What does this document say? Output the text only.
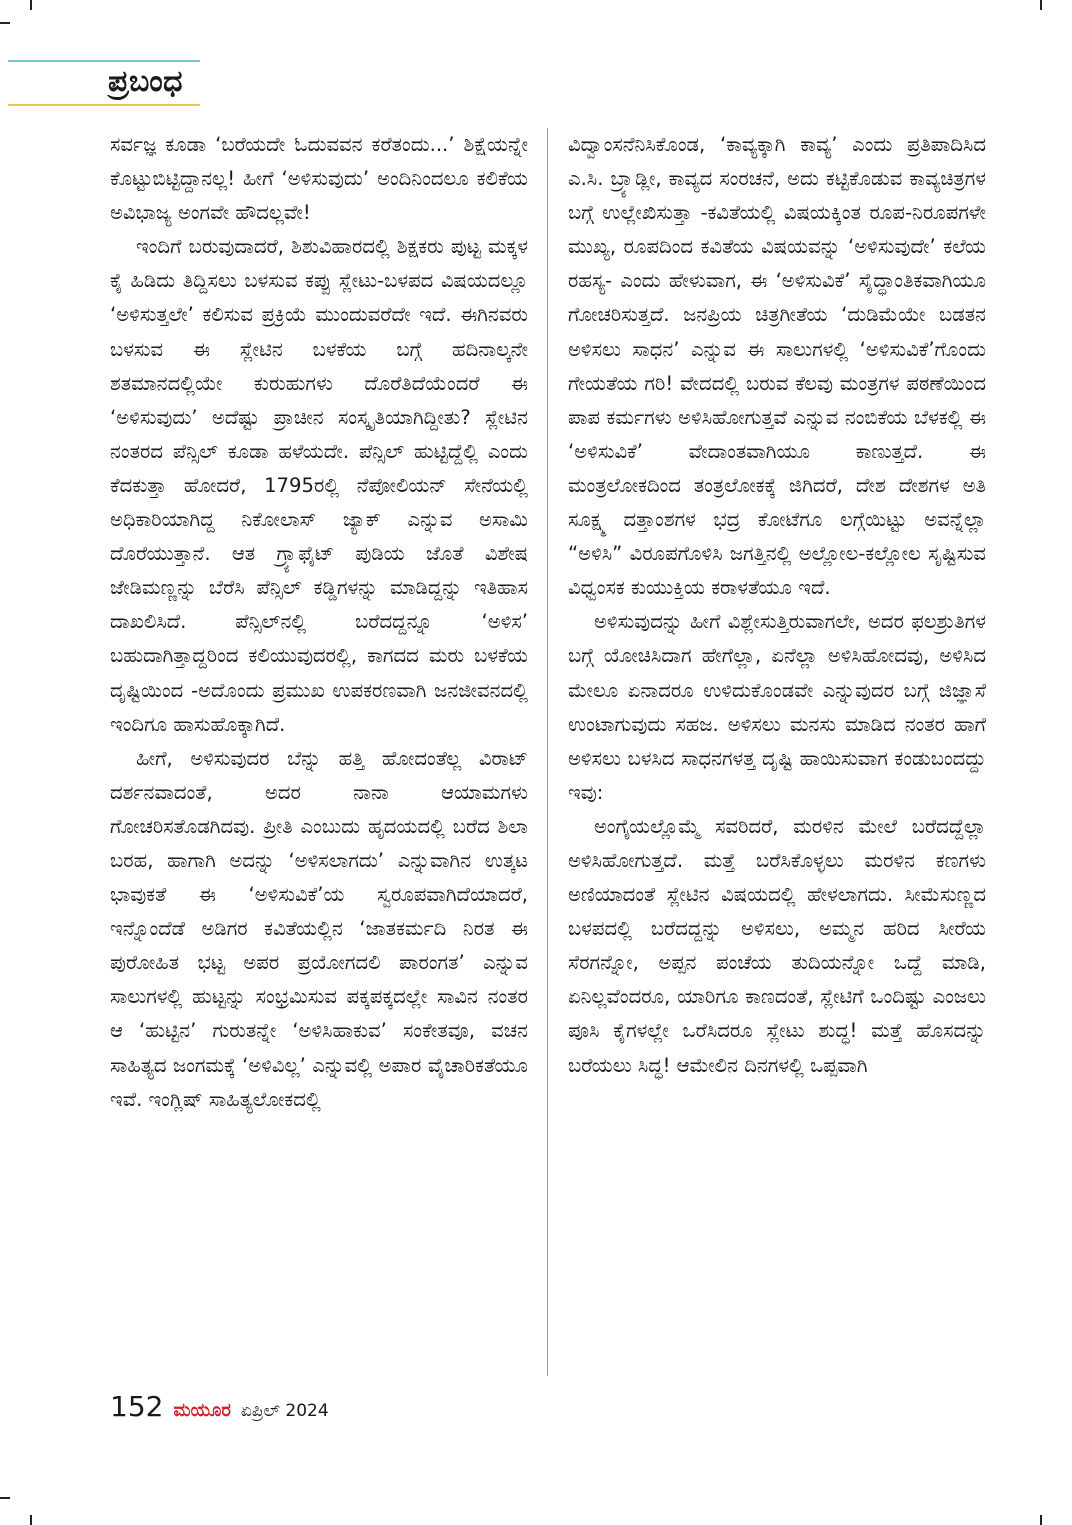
ಪ್ರಬಂಧ

ಸರ್ವಜ್ಞ ಕೂಡಾ ‘ಬರೆಯದೇ ಓದುವವನ ಕರೆತಂದು...’ ಶಿಕ್ಷೆಯನ್ನೇ ಕೊಟ್ಟುಬಿಟ್ಟಿದ್ದಾನಲ್ಲ! ಹೀಗೆ ‘ಅಳಿಸುವುದು’ ಅಂದಿನಿಂದಲೂ ಕಲಿಕೆಯ ಅವಿಭಾಜ್ಯ ಅಂಗವೇ ಹೌದಲ್ಲವೇ!

ಇಂದಿಗೆ ಬರುವುದಾದರೆ, ಶಿಶುವಿಹಾರದಲ್ಲಿ ಶಿಕ್ಷಕರು ಪುಟ್ಟ ಮಕ್ಕಳ ಕೈ ಹಿಡಿದು ತಿದ್ದಿಸಲು ಬಳಸುವ ಕಪ್ಪು ಸ್ಲೇಟು-ಬಳಪದ ವಿಷಯದಲ್ಲೂ ‘ಅಳಿಸುತ್ತಲೇ’ ಕಲಿಸುವ ಪ್ರಕ್ರಿಯೆ ಮುಂದುವರೆದೇ ಇದೆ. ಈಗಿನವರು ಬಳಸುವ ಈ ಸ್ಲೇಟಿನ ಬಳಕೆಯ ಬಗ್ಗೆ ಹದಿನಾಲ್ಕನೇ ಶತಮಾನದಲ್ಲಿಯೇ ಕುರುಹುಗಳು ದೊರೆತಿದೆಯೆಂದರೆ ಈ ‘ಅಳಿಸುವುದು’ ಅದೆಷ್ಟು ಪ್ರಾಚೀನ ಸಂಸ್ಕೃತಿಯಾಗಿದ್ದೀತು? ಸ್ಲೇಟಿನ ನಂತರದ ಪೆನ್ಸಿಲ್ ಕೂಡಾ ಹಳೆಯದೇ. ಪೆನ್ಸಿಲ್ ಹುಟ್ಟಿದ್ದೆಲ್ಲಿ ಎಂದು ಕೆದಕುತ್ತಾ ಹೋದರೆ, 1795ರಲ್ಲಿ ನೆಪೋಲಿಯನ್ ಸೇನೆಯಲ್ಲಿ ಅಧಿಕಾರಿಯಾಗಿದ್ದ ನಿಕೋಲಾಸ್ ಜ್ಯಾಕ್ ಎನ್ನುವ ಅಸಾಮಿ ದೊರೆಯುತ್ತಾನೆ. ಆತ ಗ್ರ್ಯಾಫೈಟ್ ಪುಡಿಯ ಜೊತೆ ವಿಶೇಷ ಜೇಡಿಮಣ್ಣನ್ನು ಬೆರೆಸಿ ಪೆನ್ಸಿಲ್ ಕಡ್ಡಿಗಳನ್ನು ಮಾಡಿದ್ದನ್ನು ಇತಿಹಾಸ ದಾಖಲಿಸಿದೆ. ಪೆನ್ಸಿಲ್‌ನಲ್ಲಿ ಬರೆದದ್ದನ್ನೂ ‘ಅಳಿಸ’ ಬಹುದಾಗಿತ್ತಾದ್ದರಿಂದ ಕಲಿಯುವುದರಲ್ಲಿ, ಕಾಗದದ ಮರು ಬಳಕೆಯ ದೃಷ್ಟಿಯಿಂದ -ಅದೊಂದು ಪ್ರಮುಖ ಉಪಕರಣವಾಗಿ ಜನಜೀವನದಲ್ಲಿ ಇಂದಿಗೂ ಹಾಸುಹೊಕ್ಕಾಗಿದೆ.

ಹೀಗೆ, ಅಳಿಸುವುದರ ಬೆನ್ನು ಹತ್ತಿ ಹೋದಂತೆಲ್ಲ ವಿರಾಟ್ ದರ್ಶನವಾದಂತೆ, ಅದರ ನಾನಾ ಆಯಾಮಗಳು ಗೋಚರಿಸತೊಡಗಿದವು. ಪ್ರೀತಿ ಎಂಬುದು ಹೃದಯದಲ್ಲಿ ಬರೆದ ಶಿಲಾ ಬರಹ, ಹಾಗಾಗಿ ಅದನ್ನು ‘ಅಳಿಸಲಾಗದು’ ಎನ್ನುವಾಗಿನ ಉತ್ಕಟ ಭಾವುಕತೆ ಈ ‘ಅಳಿಸುವಿಕೆ’ಯ ಸ್ವರೂಪವಾಗಿದೆಯಾದರೆ, ಇನ್ನೊಂದೆಡೆ ಅಡಿಗರ ಕವಿತೆಯಲ್ಲಿನ ‘ಜಾತಕರ್ಮದಿ ನಿರತ ಈ ಪುರೋಹಿತ ಭಟ್ಟ ಅಪರ ಪ್ರಯೋಗದಲಿ ಪಾರಂಗತ’ ಎನ್ನುವ ಸಾಲುಗಳಲ್ಲಿ ಹುಟ್ಟನ್ನು ಸಂಭ್ರಮಿಸುವ ಪಕ್ಕಪಕ್ಕದಲ್ಲೇ ಸಾವಿನ ನಂತರ ಆ ‘ಹುಟ್ಟಿನ’ ಗುರುತನ್ನೇ ‘ಅಳಿಸಿಹಾಕುವ’ ಸಂಕೇತವೂ, ವಚನ ಸಾಹಿತ್ಯದ ಜಂಗಮಕ್ಕೆ ‘ಅಳಿವಿಲ್ಲ’ ಎನ್ನುವಲ್ಲಿ ಅಪಾರ ವೈಚಾರಿಕತೆಯೂ ಇವೆ. ಇಂಗ್ಲಿಷ್ ಸಾಹಿತ್ಯಲೋಕದಲ್ಲಿ

ವಿದ್ವಾಂಸನೆನಿಸಿಕೊಂಡ, ‘ಕಾವ್ಯಕ್ಕಾಗಿ ಕಾವ್ಯ’ ಎಂದು ಪ್ರತಿಪಾದಿಸಿದ ಎ.ಸಿ. ಬ್ರ್ಯಾಡ್ಲೀ, ಕಾವ್ಯದ ಸಂರಚನೆ, ಅದು ಕಟ್ಟಿಕೊಡುವ ಕಾವ್ಯಚಿತ್ರಗಳ ಬಗ್ಗೆ ಉಲ್ಲೇಖಿಸುತ್ತಾ -ಕವಿತೆಯಲ್ಲಿ ವಿಷಯಕ್ಕಿಂತ ರೂಪ-ನಿರೂಪಗಳೇ ಮುಖ್ಯ, ರೂಪದಿಂದ ಕವಿತೆಯ ವಿಷಯವನ್ನು ‘ಅಳಿಸುವುದೇ’ ಕಲೆಯ ರಹಸ್ಯ- ಎಂದು ಹೇಳುವಾಗ, ಈ ‘ಅಳಿಸುವಿಕೆ’ ಸೈದ್ಧಾಂತಿಕವಾಗಿಯೂ ಗೋಚರಿಸುತ್ತದೆ. ಜನಪ್ರಿಯ ಚಿತ್ರಗೀತೆಯ ‘ದುಡಿಮೆಯೇ ಬಡತನ ಅಳಿಸಲು ಸಾಧನ’ ಎನ್ನುವ ಈ ಸಾಲುಗಳಲ್ಲಿ ‘ಅಳಿಸುವಿಕೆ’ಗೊಂದು ಗೇಯತೆಯ ಗರಿ! ವೇದದಲ್ಲಿ ಬರುವ ಕೆಲವು ಮಂತ್ರಗಳ ಪಠಣೆಯಿಂದ ಪಾಪ ಕರ್ಮಗಳು ಅಳಿಸಿಹೋಗುತ್ತವೆ ಎನ್ನುವ ನಂಬಿಕೆಯ ಬೆಳಕಲ್ಲಿ ಈ ‘ಅಳಿಸುವಿಕೆ’ ವೇದಾಂತವಾಗಿಯೂ ಕಾಣುತ್ತದೆ. ಈ ಮಂತ್ರಲೋಕದಿಂದ ತಂತ್ರಲೋಕಕ್ಕೆ ಜಿಗಿದರೆ, ದೇಶ ದೇಶಗಳ ಅತಿ ಸೂಕ್ಷ್ಮ ದತ್ತಾಂಶಗಳ ಭದ್ರ ಕೋಟೆಗೂ ಲಗ್ಗೆಯಿಟ್ಟು ಅವನ್ನೆಲ್ಲಾ “ಅಳಿಸಿ” ವಿರೂಪಗೊಳಿಸಿ ಜಗತ್ತಿನಲ್ಲಿ ಅಲ್ಲೋಲ-ಕಲ್ಲೋಲ ಸೃಷ್ಟಿಸುವ ವಿಧ್ವಂಸಕ ಕುಯುಕ್ತಿಯ ಕರಾಳತೆಯೂ ಇದೆ.

ಅಳಿಸುವುದನ್ನು ಹೀಗೆ ವಿಶ್ಲೇಸುತ್ತಿರುವಾಗಲೇ, ಅದರ ಫಲಶ್ರುತಿಗಳ ಬಗ್ಗೆ ಯೋಚಿಸಿದಾಗ ಹೇಗೆಲ್ಲಾ, ಏನೆಲ್ಲಾ ಅಳಿಸಿಹೋದವು, ಅಳಿಸಿದ ಮೇಲೂ ಏನಾದರೂ ಉಳಿದುಕೊಂಡವೇ ಎನ್ನುವುದರ ಬಗ್ಗೆ ಜಿಜ್ಞಾಸೆ ಉಂಟಾಗುವುದು ಸಹಜ. ಅಳಿಸಲು ಮನಸು ಮಾಡಿದ ನಂತರ ಹಾಗೆ ಅಳಿಸಲು ಬಳಸಿದ ಸಾಧನಗಳತ್ತ ದೃಷ್ಟಿ ಹಾಯಿಸುವಾಗ ಕಂಡುಬಂದದ್ದು ಇವು:

ಅಂಗೈಯಲ್ಲೊಮ್ಮೆ ಸವರಿದರೆ, ಮರಳಿನ ಮೇಲೆ ಬರೆದದ್ದೆಲ್ಲಾ ಅಳಿಸಿಹೋಗುತ್ತದೆ. ಮತ್ತೆ ಬರೆಸಿಕೊಳ್ಳಲು ಮರಳಿನ ಕಣಗಳು ಅಣಿಯಾದಂತೆ ಸ್ಲೇಟಿನ ವಿಷಯದಲ್ಲಿ ಹೇಳಲಾಗದು. ಸೀಮೆಸುಣ್ಣದ ಬಳಪದಲ್ಲಿ ಬರೆದದ್ದನ್ನು ಅಳಿಸಲು, ಅಮ್ಮನ ಹರಿದ ಸೀರೆಯ ಸೆರಗನ್ನೋ, ಅಪ್ಪನ ಪಂಚೆಯ ತುದಿಯನ್ನೋ ಒದ್ದೆ ಮಾಡಿ, ಏನಿಲ್ಲವೆಂದರೂ, ಯಾರಿಗೂ ಕಾಣದಂತೆ, ಸ್ಲೇಟಿಗೆ ಒಂದಿಷ್ಟು ಎಂಜಲು ಪೂಸಿ ಕೈಗಳಲ್ಲೇ ಒರೆಸಿದರೂ ಸ್ಲೇಟು ಶುದ್ಧ! ಮತ್ತೆ ಹೊಸದನ್ನು ಬರೆಯಲು ಸಿದ್ಧ! ಆಮೇಲಿನ ದಿನಗಳಲ್ಲಿ ಒಪ್ಪವಾಗಿ

152 ಮಯೂರ ಏಪ್ರಿಲ್ 2024
